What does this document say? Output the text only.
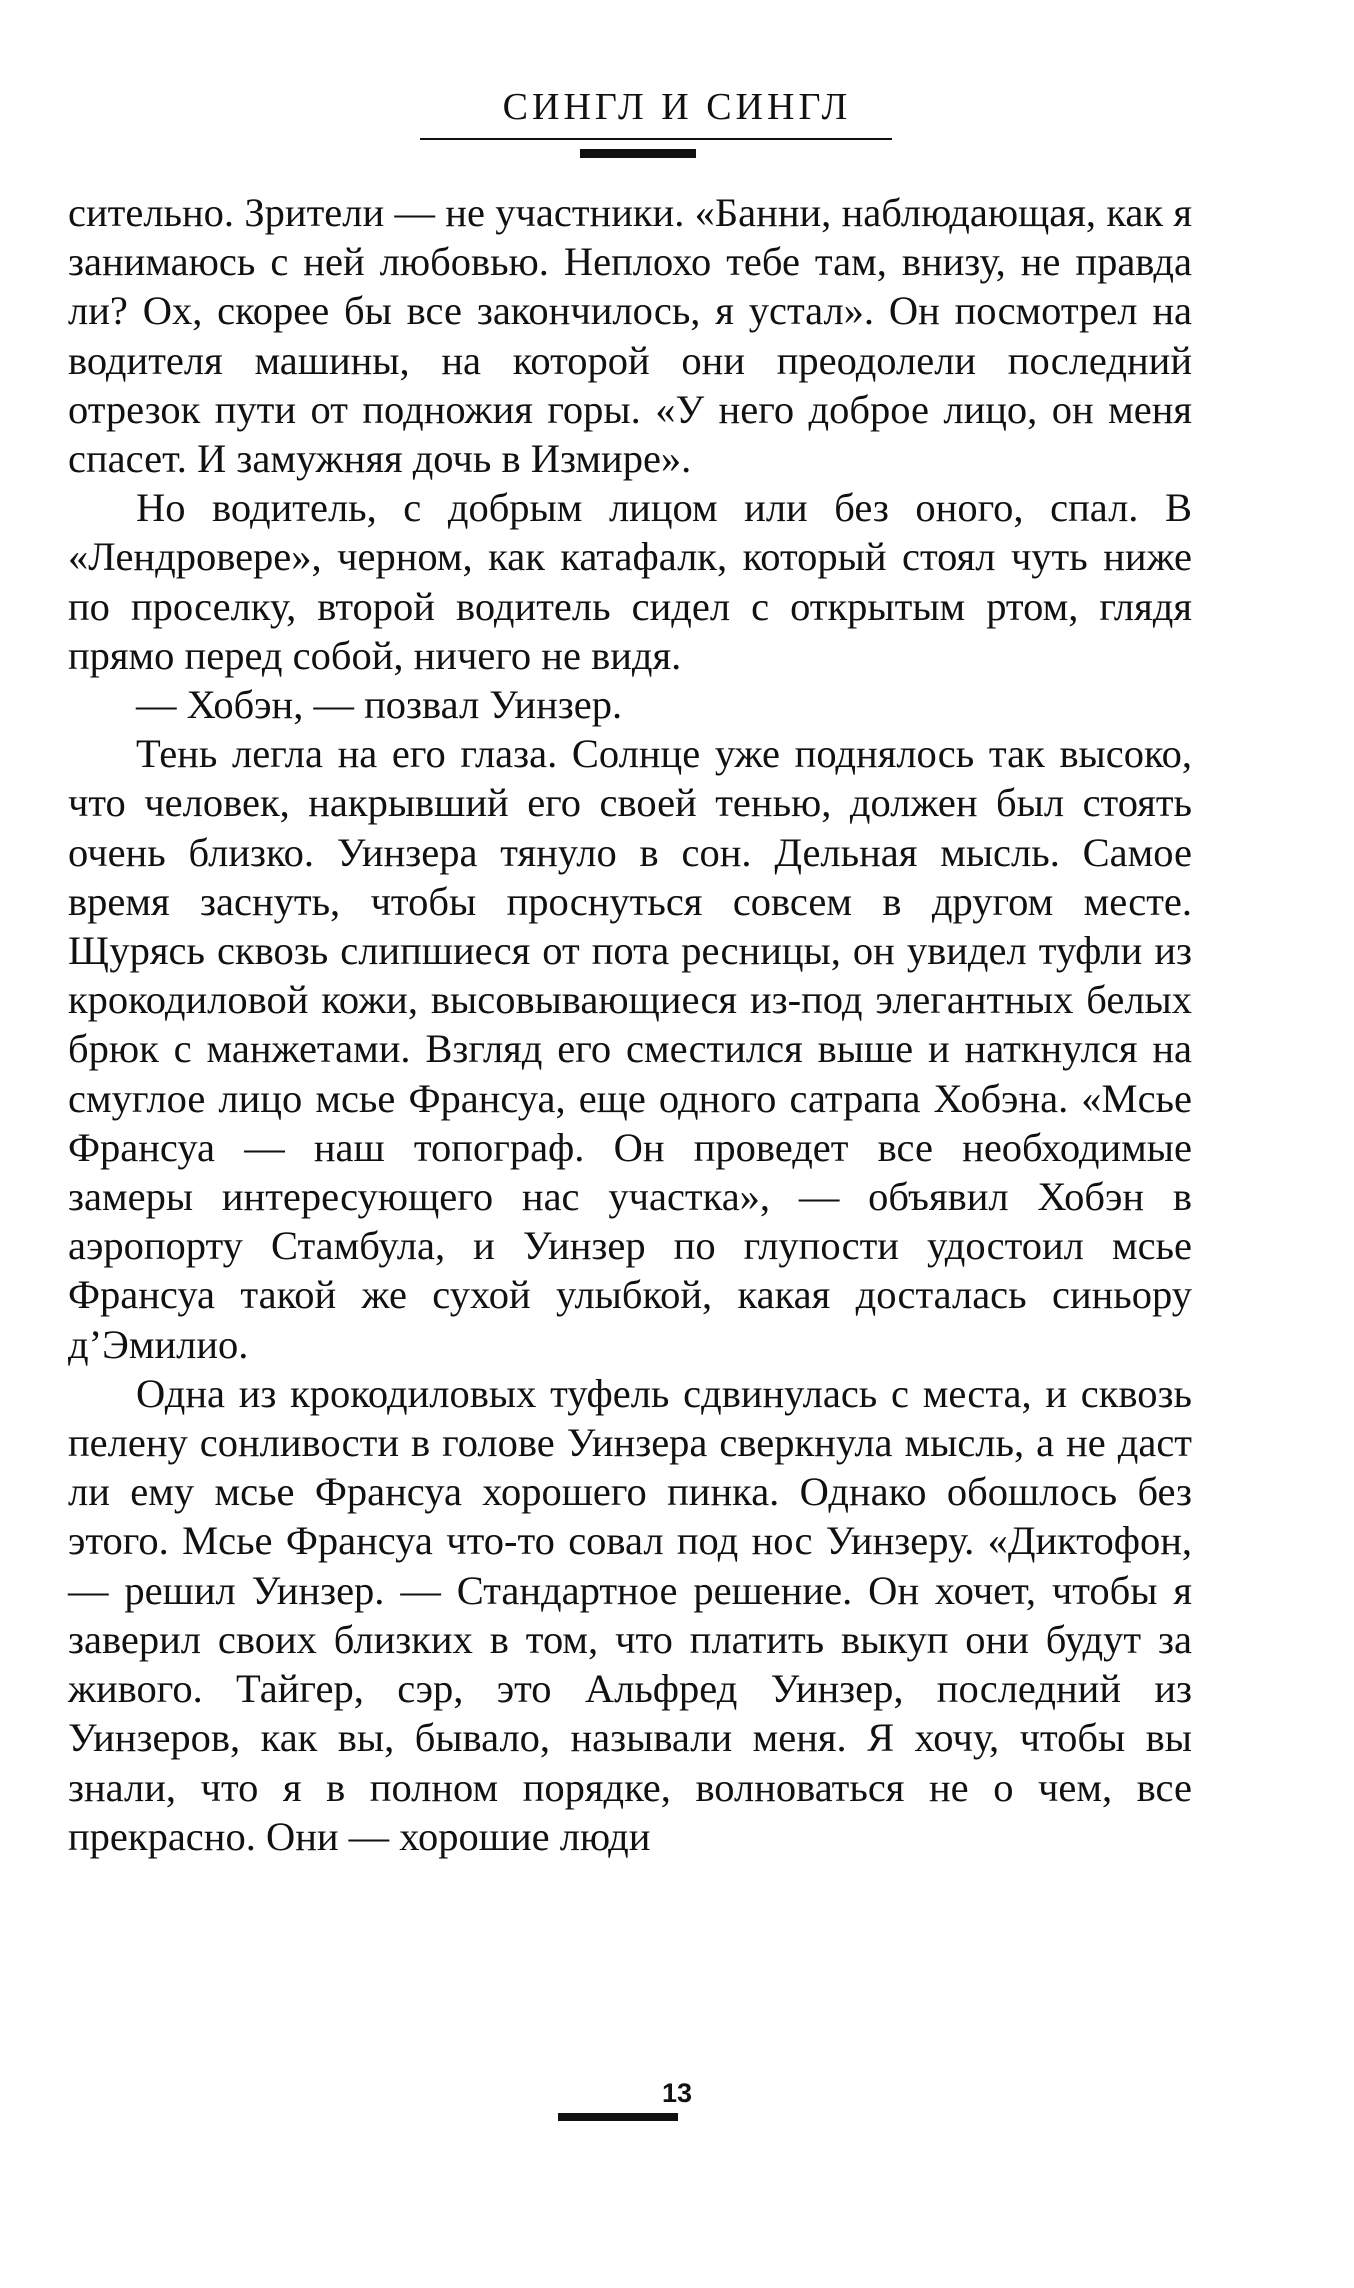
СИНГЛ И СИНГЛ

сительно. Зрители — не участники. «Банни, наблюдающая, как я занимаюсь с ней любовью. Неплохо тебе там, внизу, не правда ли? Ох, скорее бы все закончилось, я устал». Он посмотрел на водителя машины, на которой они преодолели последний отрезок пути от подножия горы. «У него доброе лицо, он меня спасет. И замужняя дочь в Измире».

Но водитель, с добрым лицом или без оного, спал. В «Лендровере», черном, как катафалк, который стоял чуть ниже по проселку, второй водитель сидел с открытым ртом, глядя прямо перед собой, ничего не видя.

— Хобэн, — позвал Уинзер.

Тень легла на его глаза. Солнце уже поднялось так высоко, что человек, накрывший его своей тенью, должен был стоять очень близко. Уинзера тянуло в сон. Дельная мысль. Самое время заснуть, чтобы проснуться совсем в другом месте. Щурясь сквозь слипшиеся от пота ресницы, он увидел туфли из крокодиловой кожи, высовывающиеся из-под элегантных белых брюк с манжетами. Взгляд его сместился выше и наткнулся на смуглое лицо мсье Франсуа, еще одного сатрапа Хобэна. «Мсье Франсуа — наш топограф. Он проведет все необходимые замеры интересующего нас участка», — объявил Хобэн в аэропорту Стамбула, и Уинзер по глупости удостоил мсье Франсуа такой же сухой улыбкой, какая досталась синьору д’Эмилио.

Одна из крокодиловых туфель сдвинулась с места, и сквозь пелену сонливости в голове Уинзера сверкнула мысль, а не даст ли ему мсье Франсуа хорошего пинка. Однако обошлось без этого. Мсье Франсуа что-то совал под нос Уинзеру. «Диктофон, — решил Уинзер. — Стандартное решение. Он хочет, чтобы я заверил своих близких в том, что платить выкуп они будут за живого. Тайгер, сэр, это Альфред Уинзер, последний из Уинзеров, как вы, бывало, называли меня. Я хочу, чтобы вы знали, что я в полном порядке, волноваться не о чем, все прекрасно. Они — хорошие люди

13
